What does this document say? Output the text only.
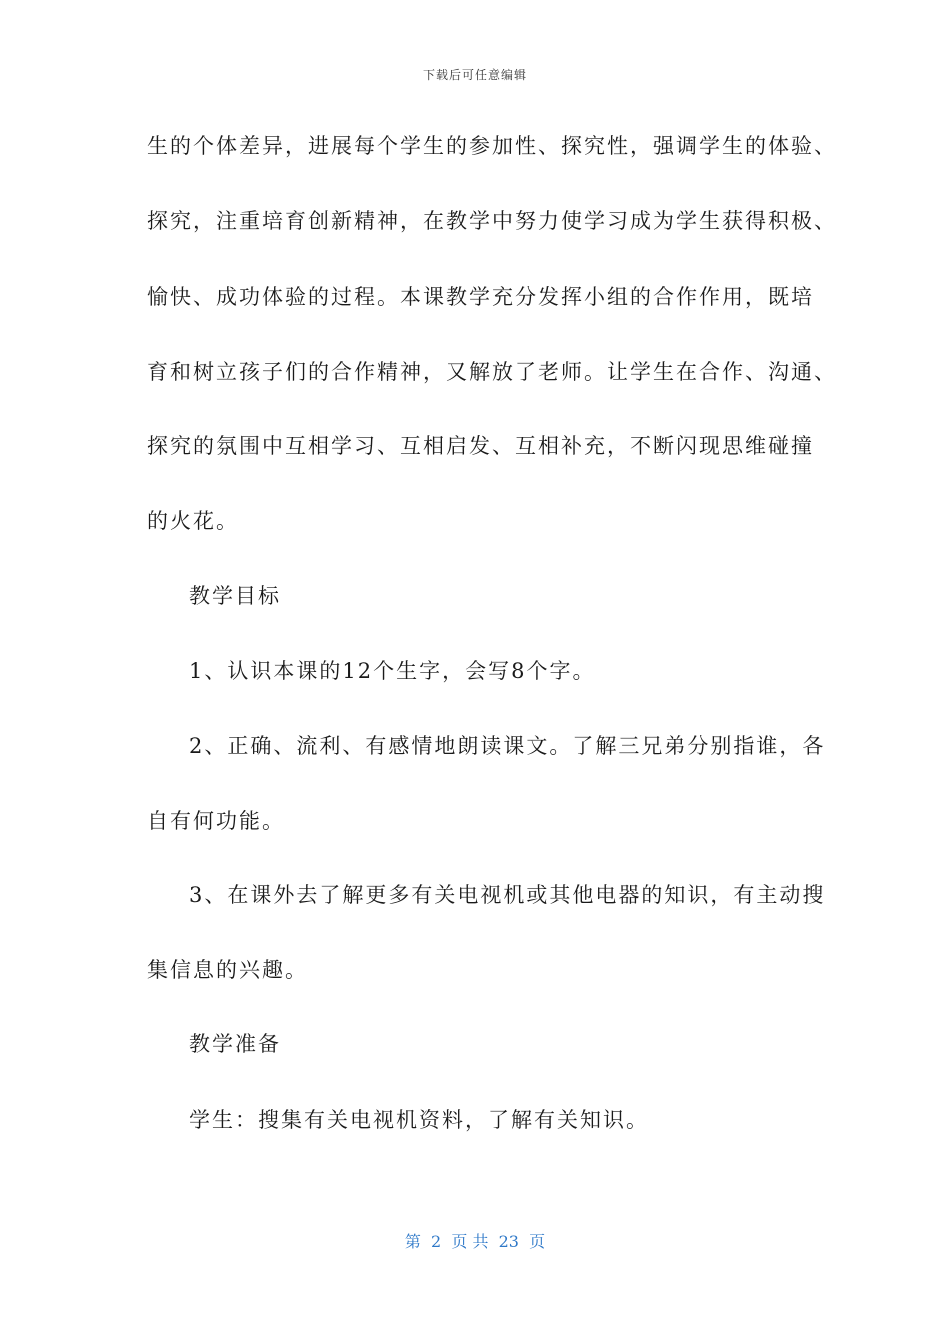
下载后可任意编辑
生的个体差异，进展每个学生的参加性、探究性，强调学生的体验、
探究，注重培育创新精神，在教学中努力使学习成为学生获得积极、
愉快、成功体验的过程。本课教学充分发挥小组的合作作用，既培
育和树立孩子们的合作精神，又解放了老师。让学生在合作、沟通、
探究的氛围中互相学习、互相启发、互相补充，不断闪现思维碰撞
的火花。
教学目标
1、认识本课的12个生字，会写8个字。
2、正确、流利、有感情地朗读课文。了解三兄弟分别指谁，各
自有何功能。
3、在课外去了解更多有关电视机或其他电器的知识，有主动搜
集信息的兴趣。
教学准备
学生：搜集有关电视机资料，了解有关知识。
第  2  页 共  23  页
